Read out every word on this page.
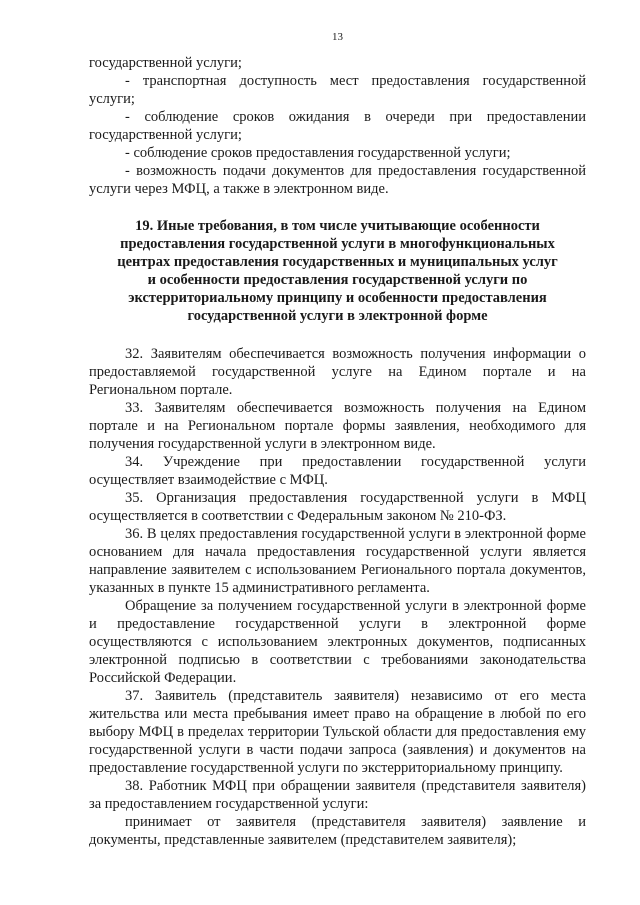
13

государственной услуги;

- транспортная доступность мест предоставления государственной услуги;

- соблюдение сроков ожидания в очереди при предоставлении государственной услуги;

- соблюдение сроков предоставления государственной услуги;

- возможность подачи документов для предоставления государственной услуги через МФЦ, а также в электронном виде.

19. Иные требования, в том числе учитывающие особенности
предоставления государственной услуги в многофункциональных
центрах предоставления государственных и муниципальных услуг
и особенности предоставления государственной услуги по
экстерриториальному принципу и особенности предоставления
государственной услуги в электронной форме

32. Заявителям обеспечивается возможность получения информации о предоставляемой государственной услуге на Едином портале и на Региональном портале.

33. Заявителям обеспечивается возможность получения на Едином портале и на Региональном портале формы заявления, необходимого для получения государственной услуги в электронном виде.

34. Учреждение при предоставлении государственной услуги осуществляет взаимодействие с МФЦ.

35. Организация предоставления государственной услуги в МФЦ осуществляется в соответствии с Федеральным законом № 210-ФЗ.

36. В целях предоставления государственной услуги в электронной форме основанием для начала предоставления государственной услуги является направление заявителем с использованием Регионального портала документов, указанных в пункте 15 административного регламента.

Обращение за получением государственной услуги в электронной форме и предоставление государственной услуги в электронной форме осуществляются с использованием электронных документов, подписанных электронной подписью в соответствии с требованиями законодательства Российской Федерации.

37. Заявитель (представитель заявителя) независимо от его места жительства или места пребывания имеет право на обращение в любой по его выбору МФЦ в пределах территории Тульской области для предоставления ему государственной услуги в части подачи запроса (заявления) и документов на предоставление государственной услуги по экстерриториальному принципу.

38. Работник МФЦ при обращении заявителя (представителя заявителя) за предоставлением государственной услуги:

принимает от заявителя (представителя заявителя) заявление и документы, представленные заявителем (представителем заявителя);
